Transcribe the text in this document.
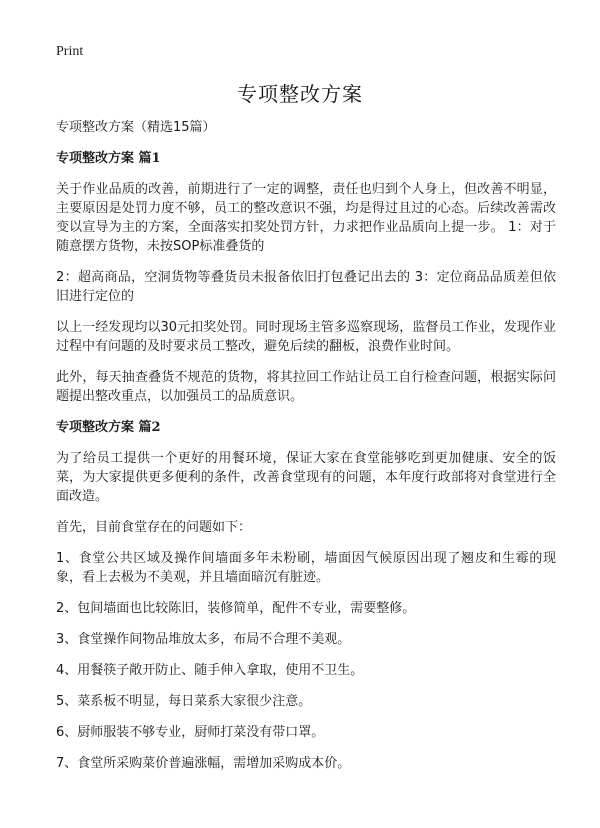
Print
专项整改方案

专项整改方案（精选15篇）

专项整改方案 篇1

关于作业品质的改善，前期进行了一定的调整，责任也归到个人身上，但改善不明显，主要原因是处罚力度不够，员工的整改意识不强，均是得过且过的心态。后续改善需改变以宣导为主的方案，全面落实扣奖处罚方针，力求把作业品质向上提一步。 1：对于随意摆方货物，未按SOP标准叠货的

2：超高商品，空洞货物等叠货员未报备依旧打包叠记出去的 3：定位商品品质差但依旧进行定位的

以上一经发现均以30元扣奖处罚。同时现场主管多巡察现场，监督员工作业，发现作业过程中有问题的及时要求员工整改，避免后续的翻板，浪费作业时间。

此外，每天抽查叠货不规范的货物，将其拉回工作站让员工自行检查问题，根据实际问题提出整改重点，以加强员工的品质意识。

专项整改方案 篇2

为了给员工提供一个更好的用餐环境，保证大家在食堂能够吃到更加健康、安全的饭菜，为大家提供更多便利的条件，改善食堂现有的问题，本年度行政部将对食堂进行全面改造。

首先，目前食堂存在的问题如下：

1、食堂公共区域及操作间墙面多年未粉刷，墙面因气候原因出现了翘皮和生霉的现象，看上去极为不美观，并且墙面暗沉有脏迹。

2、包间墙面也比较陈旧，装修简单，配件不专业，需要整修。

3、食堂操作间物品堆放太多，布局不合理不美观。

4、用餐筷子敞开防止、随手伸入拿取，使用不卫生。

5、菜系板不明显，每日菜系大家很少注意。

6、厨师服装不够专业，厨师打菜没有带口罩。

7、食堂所采购菜价普遍涨幅，需增加采购成本价。
